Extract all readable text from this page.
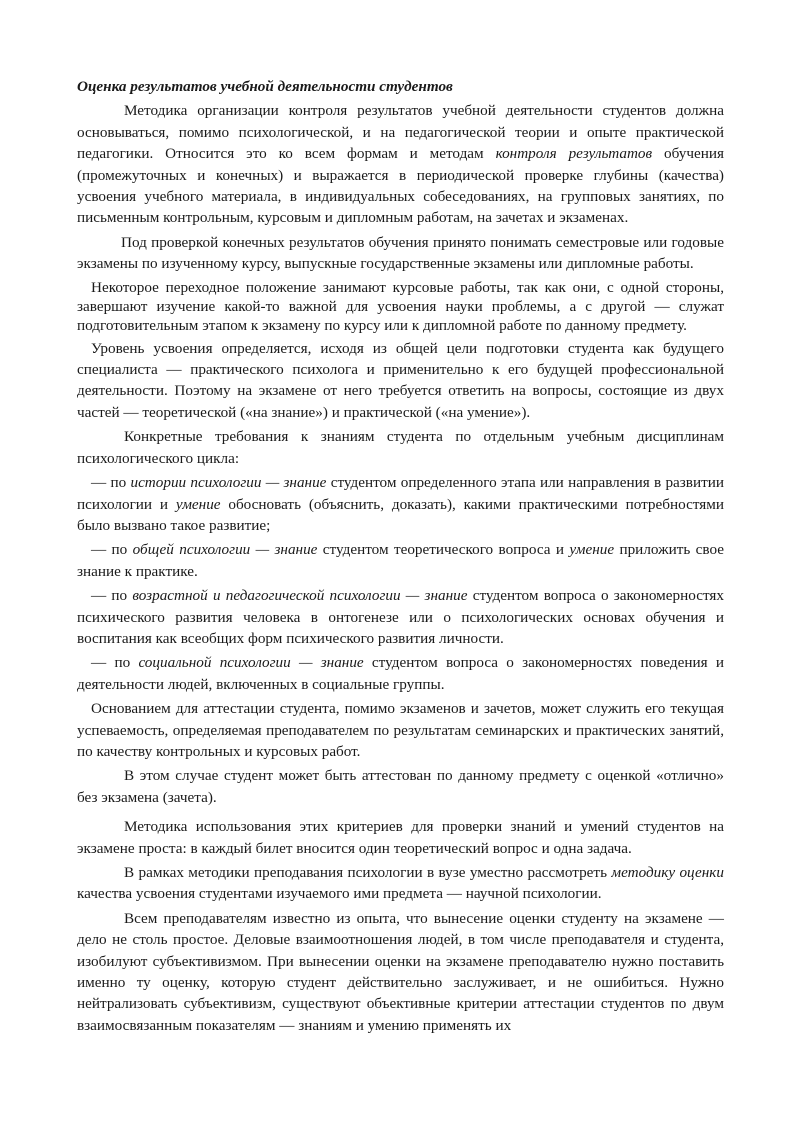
Оценка результатов учебной деятельности студентов

Методика организации контроля результатов учебной деятельности студентов должна основываться, помимо психологической, и на педагогической теории и опыте практической педагогики. Относится это ко всем формам и методам контроля результатов обучения (промежуточных и конечных) и выражается в периодической проверке глубины (качества) усвоения учебного материала, в индивидуальных собеседованиях, на групповых занятиях, по письменным контрольным, курсовым и дипломным работам, на зачетах и экзаменах.

Под проверкой конечных результатов обучения принято понимать семестровые или годовые экзамены по изученному курсу, выпускные государственные экзамены или дипломные работы.

Некоторое переходное положение занимают курсовые работы, так как они, с одной стороны, завершают изучение какой-то важной для усвоения науки проблемы, а с другой — служат подготовительным этапом к экзамену по курсу или к дипломной работе по данному предмету.

Уровень усвоения определяется, исходя из общей цели подготовки студента как будущего специалиста — практического психолога и применительно к его будущей профессиональной деятельности. Поэтому на экзамене от него требуется ответить на вопросы, состоящие из двух частей — теоретической («на знание») и практической («на умение»).

Конкретные требования к знаниям студента по отдельным учебным дисциплинам психологического цикла:

— по истории психологии — знание студентом определенного этапа или направления в развитии психологии и умение обосновать (объяснить, доказать), какими практическими потребностями было вызвано такое развитие;

— по общей психологии — знание студентом теоретического вопроса и умение приложить свое знание к практике.

— по возрастной и педагогической психологии — знание студентом вопроса о закономерностях психического развития человека в онтогенезе или о психологических основах обучения и воспитания как всеобщих форм психического развития личности.

— по социальной психологии — знание студентом вопроса о закономерностях поведения и деятельности людей, включенных в социальные группы.

Основанием для аттестации студента, помимо экзаменов и зачетов, может служить его текущая успеваемость, определяемая преподавателем по результатам семинарских и практических занятий, по качеству контрольных и курсовых работ.

В этом случае студент может быть аттестован по данному предмету с оценкой «отлично» без экзамена (зачета).

Методика использования этих критериев для проверки знаний и умений студентов на экзамене проста: в каждый билет вносится один теоретический вопрос и одна задача.

В рамках методики преподавания психологии в вузе уместно рассмотреть методику оценки качества усвоения студентами изучаемого ими предмета — научной психологии.

Всем преподавателям известно из опыта, что вынесение оценки студенту на экзамене — дело не столь простое. Деловые взаимоотношения людей, в том числе преподавателя и студента, изобилуют субъективизмом. При вынесении оценки на экзамене преподавателю нужно поставить именно ту оценку, которую студент действительно заслуживает, и не ошибиться. Нужно нейтрализовать субъективизм, существуют объективные критерии аттестации студентов по двум взаимосвязанным показателям — знаниям и умению применять их
